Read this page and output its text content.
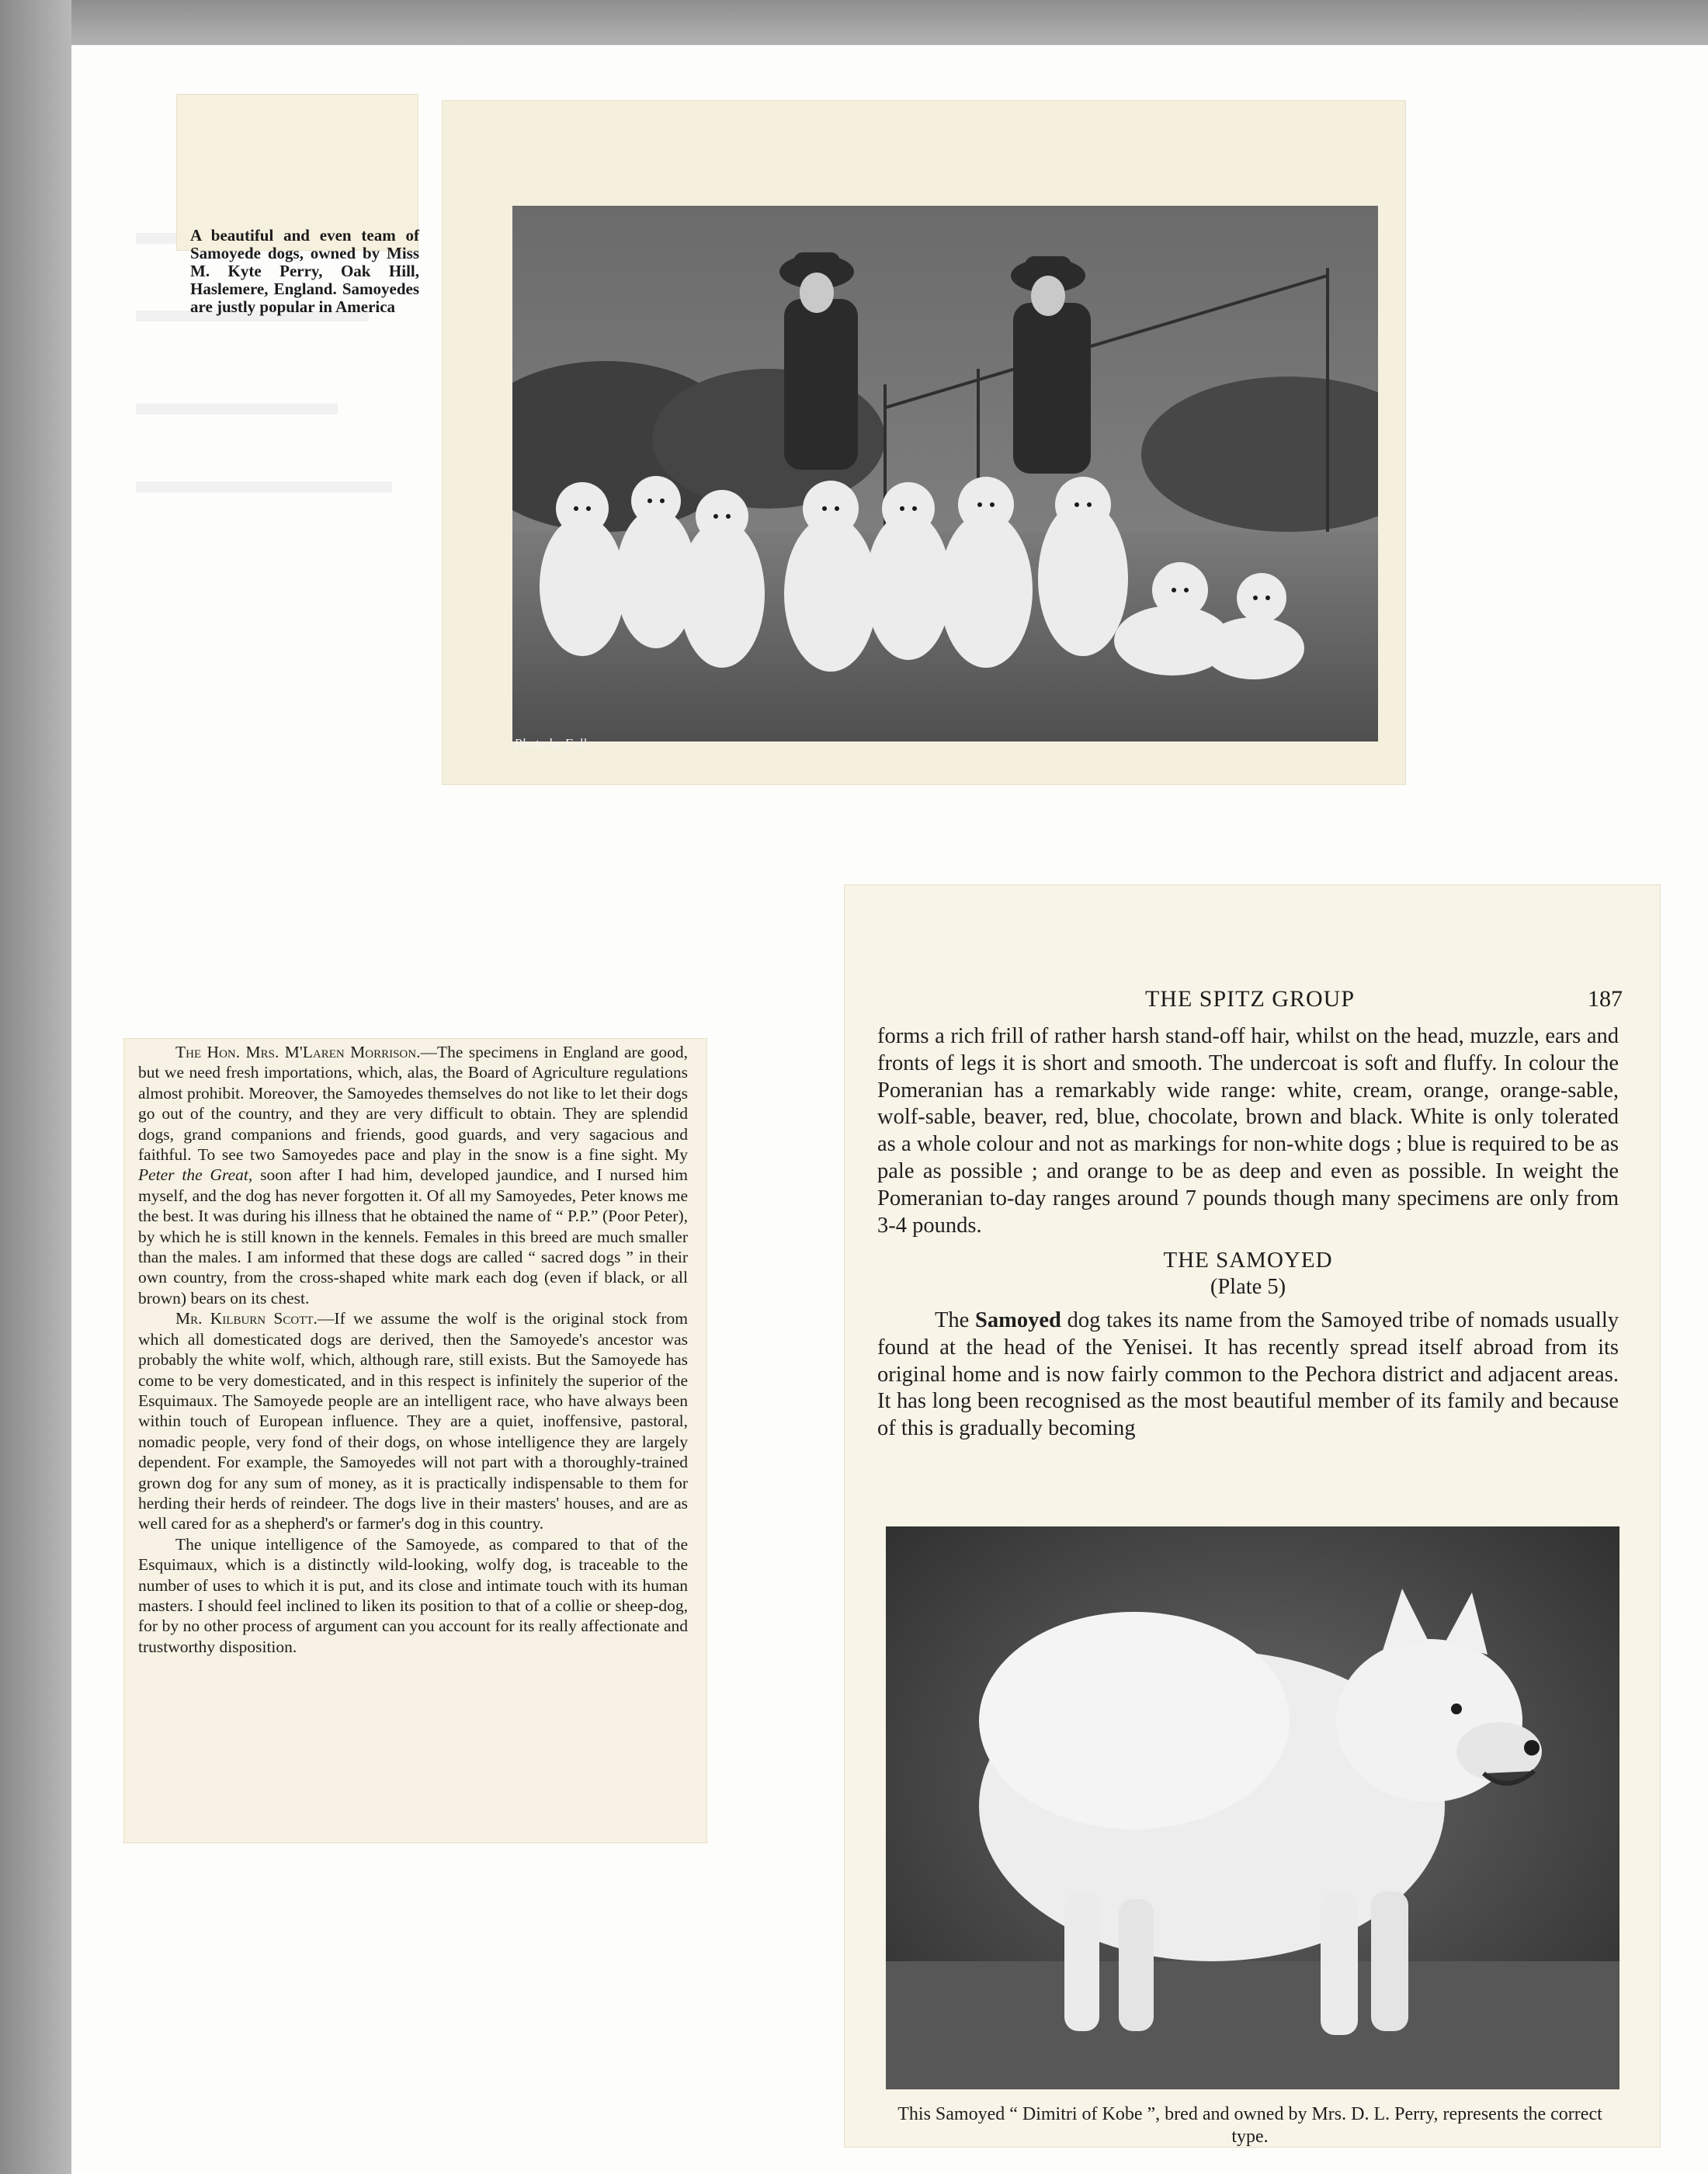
A beautiful and even team of Samoyede dogs, owned by Miss M. Kyte Perry, Oak Hill, Haslemere, England. Samoyedes are justly popular in America
Photo by Fall

The Hon. Mrs. M'Laren Morrison.—The specimens in England are good, but we need fresh importations, which, alas, the Board of Agriculture regulations almost prohibit. Moreover, the Samoyedes themselves do not like to let their dogs go out of the country, and they are very difficult to obtain. They are splendid dogs, grand companions and friends, good guards, and very sagacious and faithful. To see two Samoyedes pace and play in the snow is a fine sight. My Peter the Great, soon after I had him, developed jaundice, and I nursed him myself, and the dog has never forgotten it. Of all my Samoyedes, Peter knows me the best. It was during his illness that he obtained the name of “ P.P.” (Poor Peter), by which he is still known in the kennels. Females in this breed are much smaller than the males. I am informed that these dogs are called “ sacred dogs ” in their own country, from the cross-shaped white mark each dog (even if black, or all brown) bears on its chest.

Mr. Kilburn Scott.—If we assume the wolf is the original stock from which all domesticated dogs are derived, then the Samoyede's ancestor was probably the white wolf, which, although rare, still exists. But the Samoyede has come to be very domesticated, and in this respect is infinitely the superior of the Esquimaux. The Samoyede people are an intelligent race, who have always been within touch of European influence. They are a quiet, inoffensive, pastoral, nomadic people, very fond of their dogs, on whose intelligence they are largely dependent. For example, the Samoyedes will not part with a thoroughly-trained grown dog for any sum of money, as it is practically indispensable to them for herding their herds of reindeer. The dogs live in their masters' houses, and are as well cared for as a shepherd's or farmer's dog in this country.

The unique intelligence of the Samoyede, as compared to that of the Esquimaux, which is a distinctly wild-looking, wolfy dog, is traceable to the number of uses to which it is put, and its close and intimate touch with its human masters. I should feel inclined to liken its position to that of a collie or sheep-dog, for by no other process of argument can you account for its really affectionate and trustworthy disposition.

THE SPITZ GROUP	187

forms a rich frill of rather harsh stand-off hair, whilst on the head, muzzle, ears and fronts of legs it is short and smooth. The undercoat is soft and fluffy. In colour the Pomeranian has a remarkably wide range: white, cream, orange, orange-sable, wolf-sable, beaver, red, blue, chocolate, brown and black. White is only tolerated as a whole colour and not as markings for non-white dogs ; blue is required to be as pale as possible ; and orange to be as deep and even as possible. In weight the Pomeranian to-day ranges around 7 pounds though many specimens are only from 3-4 pounds.

THE SAMOYED

(Plate 5)

The Samoyed dog takes its name from the Samoyed tribe of nomads usually found at the head of the Yenisei. It has recently spread itself abroad from its original home and is now fairly common to the Pechora district and adjacent areas. It has long been recognised as the most beautiful member of its family and because of this is gradually becoming

This Samoyed “ Dimitri of Kobe ”, bred and owned by Mrs. D. L. Perry, represents the correct type.
